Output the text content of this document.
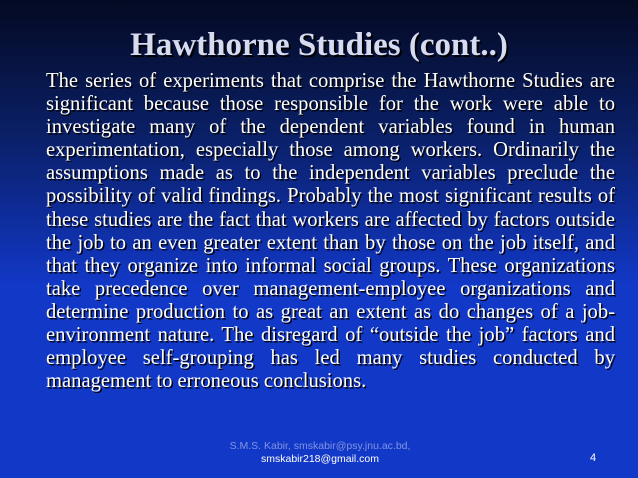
Hawthorne Studies (cont..)

The series of experiments that comprise the Hawthorne Studies are significant because those responsible for the work were able to investigate many of the dependent variables found in human experimentation, especially those among workers. Ordinarily the assumptions made as to the independent variables preclude the possibility of valid findings. Probably the most significant results of these studies are the fact that workers are affected by factors outside the job to an even greater extent than by those on the job itself, and that they organize into informal social groups. These organizations take precedence over management-employee organizations and determine production to as great an extent as do changes of a job-environment nature. The disregard of “outside the job” factors and employee self-grouping has led many studies conducted by management to erroneous conclusions.

S.M.S. Kabir, smskabir@psy.jnu.ac.bd,
smskabir218@gmail.com	4
